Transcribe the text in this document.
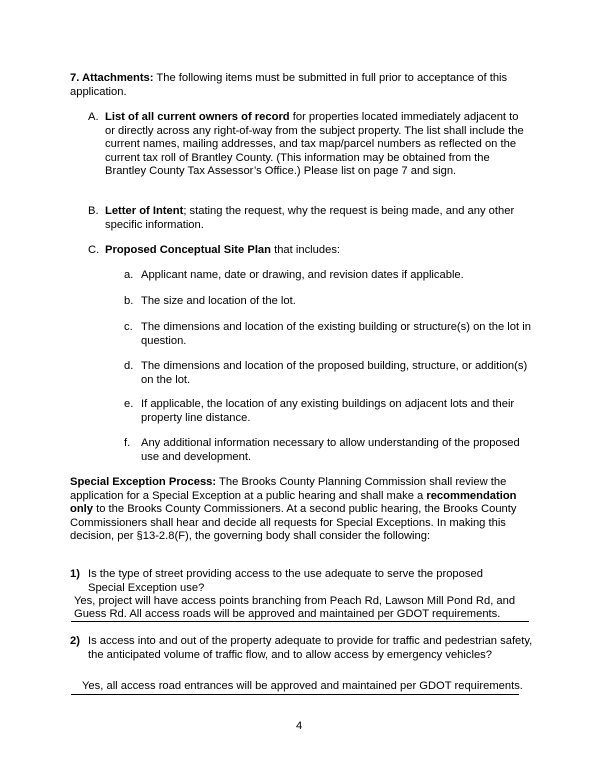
7. Attachments: The following items must be submitted in full prior to acceptance of this application.
A. List of all current owners of record for properties located immediately adjacent to or directly across any right-of-way from the subject property. The list shall include the current names, mailing addresses, and tax map/parcel numbers as reflected on the current tax roll of Brantley County. (This information may be obtained from the Brantley County Tax Assessor’s Office.) Please list on page 7 and sign.
B. Letter of Intent; stating the request, why the request is being made, and any other specific information.
C. Proposed Conceptual Site Plan that includes:
a. Applicant name, date or drawing, and revision dates if applicable.
b. The size and location of the lot.
c. The dimensions and location of the existing building or structure(s) on the lot in question.
d. The dimensions and location of the proposed building, structure, or addition(s) on the lot.
e. If applicable, the location of any existing buildings on adjacent lots and their property line distance.
f. Any additional information necessary to allow understanding of the proposed use and development.
Special Exception Process: The Brooks County Planning Commission shall review the application for a Special Exception at a public hearing and shall make a recommendation only to the Brooks County Commissioners. At a second public hearing, the Brooks County Commissioners shall hear and decide all requests for Special Exceptions. In making this decision, per §13-2.8(F), the governing body shall consider the following:
1) Is the type of street providing access to the use adequate to serve the proposed Special Exception use?
Yes, project will have access points branching from Peach Rd, Lawson Mill Pond Rd, and
Guess Rd. All access roads will be approved and maintained per GDOT requirements.
2) Is access into and out of the property adequate to provide for traffic and pedestrian safety, the anticipated volume of traffic flow, and to allow access by emergency vehicles?
Yes, all access road entrances will be approved and maintained per GDOT requirements.
4
